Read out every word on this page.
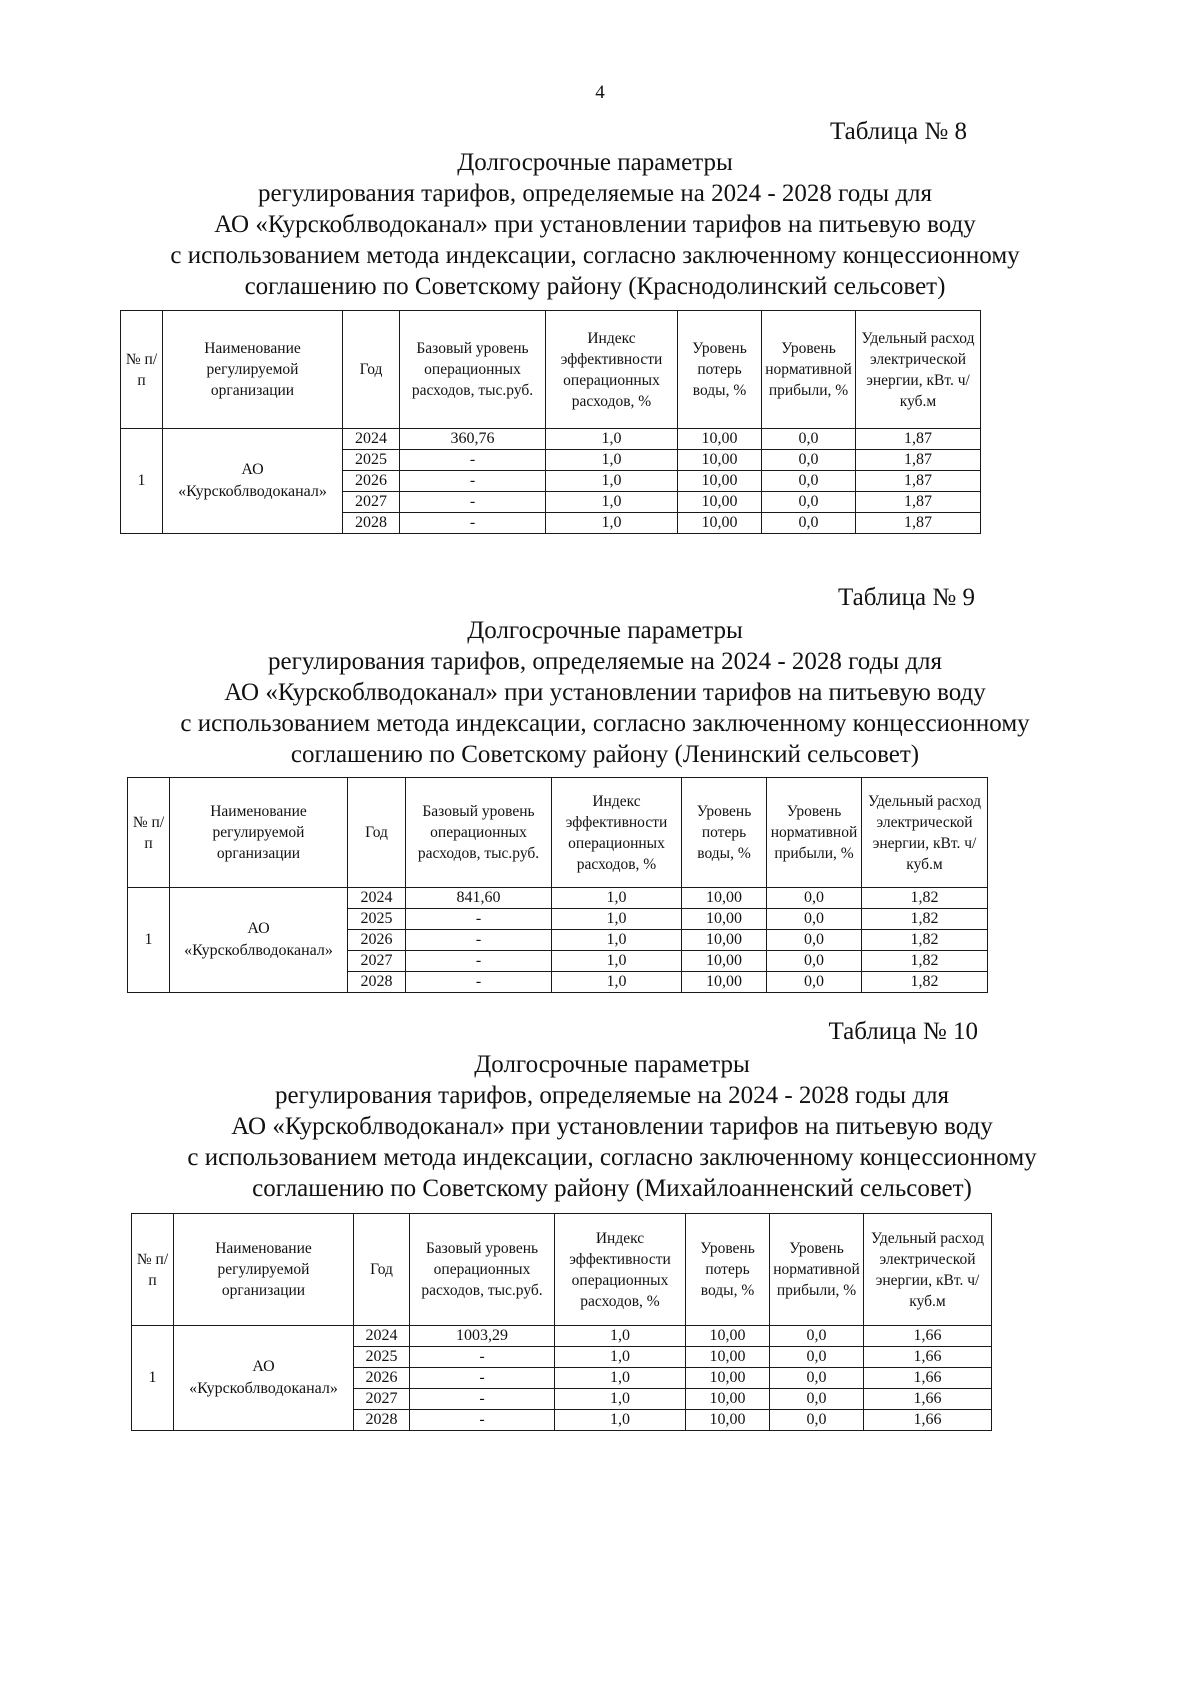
4
Таблица № 8
Долгосрочные параметры
регулирования тарифов, определяемые на 2024 - 2028 годы для
АО «Курскоблводоканал» при установлении тарифов на питьевую воду
с использованием метода индексации, согласно заключенному концессионному
соглашению по Советскому району (Краснодолинский сельсовет)
№ п/п	Наименование регулируемой организации	Год	Базовый уровень операционных расходов, тыс.руб.	Индекс эффективности операционных расходов, %	Уровень потерь воды, %	Уровень нормативной прибыли, %	Удельный расход электрической энергии, кВт. ч/куб.м
1	АО «Курскоблводоканал»	2024	360,76	1,0	10,00	0,0	1,87
		2025	-	1,0	10,00	0,0	1,87
		2026	-	1,0	10,00	0,0	1,87
		2027	-	1,0	10,00	0,0	1,87
		2028	-	1,0	10,00	0,0	1,87
Таблица № 9
Долгосрочные параметры
регулирования тарифов, определяемые на 2024 - 2028 годы для
АО «Курскоблводоканал» при установлении тарифов на питьевую воду
с использованием метода индексации, согласно заключенному концессионному
соглашению по Советскому району (Ленинский сельсовет)
№ п/п	Наименование регулируемой организации	Год	Базовый уровень операционных расходов, тыс.руб.	Индекс эффективности операционных расходов, %	Уровень потерь воды, %	Уровень нормативной прибыли, %	Удельный расход электрической энергии, кВт. ч/куб.м
1	АО «Курскоблводоканал»	2024	841,60	1,0	10,00	0,0	1,82
		2025	-	1,0	10,00	0,0	1,82
		2026	-	1,0	10,00	0,0	1,82
		2027	-	1,0	10,00	0,0	1,82
		2028	-	1,0	10,00	0,0	1,82
Таблица № 10
Долгосрочные параметры
регулирования тарифов, определяемые на 2024 - 2028 годы для
АО «Курскоблводоканал» при установлении тарифов на питьевую воду
с использованием метода индексации, согласно заключенному концессионному
соглашению по Советскому району (Михайлоанненский сельсовет)
№ п/п	Наименование регулируемой организации	Год	Базовый уровень операционных расходов, тыс.руб.	Индекс эффективности операционных расходов, %	Уровень потерь воды, %	Уровень нормативной прибыли, %	Удельный расход электрической энергии, кВт. ч/куб.м
1	АО «Курскоблводоканал»	2024	1003,29	1,0	10,00	0,0	1,66
		2025	-	1,0	10,00	0,0	1,66
		2026	-	1,0	10,00	0,0	1,66
		2027	-	1,0	10,00	0,0	1,66
		2028	-	1,0	10,00	0,0	1,66
